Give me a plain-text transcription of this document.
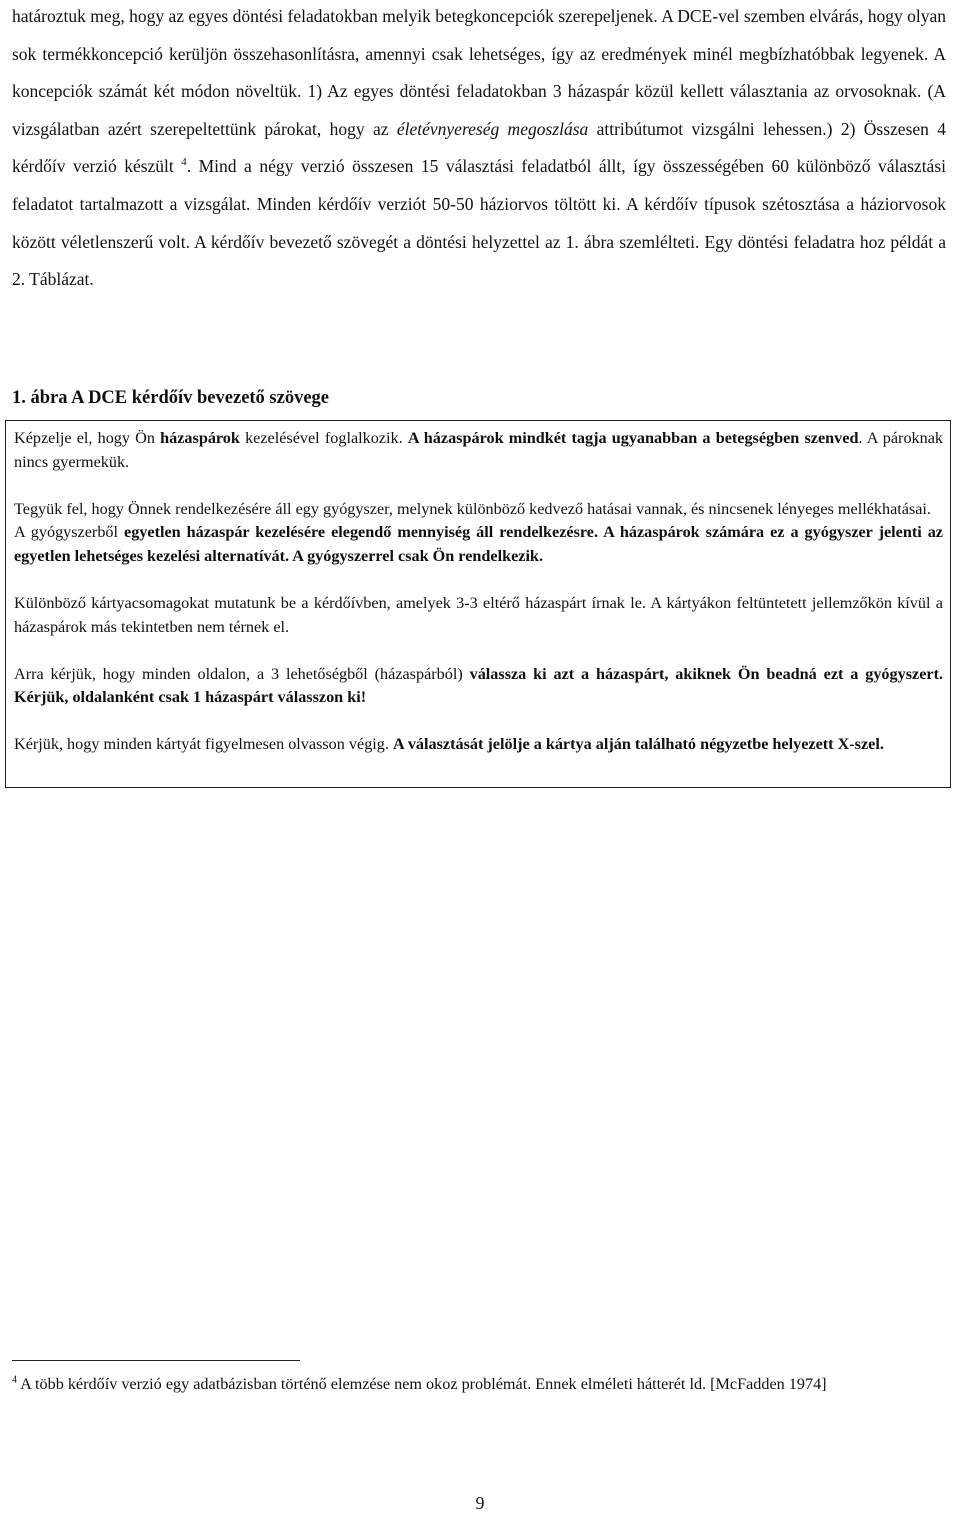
határoztuk meg, hogy az egyes döntési feladatokban melyik betegkoncepciók szerepeljenek. A DCE-vel szemben elvárás, hogy olyan sok termékkoncepció kerüljön összehasonlításra, amennyi csak lehetséges, így az eredmények minél megbízhatóbbak legyenek. A koncepciók számát két módon növeltük. 1) Az egyes döntési feladatokban 3 házaspár közül kellett választania az orvosoknak. (A vizsgálatban azért szerepeltettünk párokat, hogy az életévnyereség megoszlása attribútumot vizsgálni lehessen.) 2) Összesen 4 kérdőív verzió készült $^4$. Mind a négy verzió összesen 15 választási feladatból állt, így összességében 60 különböző választási feladatot tartalmazott a vizsgálat. Minden kérdőív verziót 50-50 háziorvos töltött ki. A kérdőív típusok szétosztása a háziorvosok között véletlenszerű volt. A kérdőív bevezető szövegét a döntési helyzettel az 1. ábra szemlélteti. Egy döntési feladatra hoz példát a 2. Táblázat.

1. ábra A DCE kérdőív bevezető szövege

Képzelje el, hogy Ön házaspárok kezelésével foglalkozik. A házaspárok mindkét tagja ugyanabban a betegségben szenved. A pároknak nincs gyermekük.

Tegyük fel, hogy Önnek rendelkezésére áll egy gyógyszer, melynek különböző kedvező hatásai vannak, és nincsenek lényeges mellékhatásai.

A gyógyszerből egyetlen házaspár kezelésére elegendő mennyiség áll rendelkezésre. A házaspárok számára ez a gyógyszer jelenti az egyetlen lehetséges kezelési alternatívát. A gyógyszerrel csak Ön rendelkezik.

Különböző kártyacsomagokat mutatunk be a kérdőívben, amelyek 3-3 eltérő házaspárt írnak le. A kártyákon feltüntetett jellemzőkön kívül a házaspárok más tekintetben nem térnek el.

Arra kérjük, hogy minden oldalon, a 3 lehetőségből (házaspárból) válassza ki azt a házaspárt, akiknek Ön beadná ezt a gyógyszert. Kérjük, oldalanként csak 1 házaspárt válasszon ki!

Kérjük, hogy minden kártyát figyelmesen olvasson végig. A választását jelölje a kártya alján található négyzetbe helyezett X-szel.

$^4$ A több kérdőív verzió egy adatbázisban történő elemzése nem okoz problémát. Ennek elméleti hátterét ld. [McFadden 1974]

9
